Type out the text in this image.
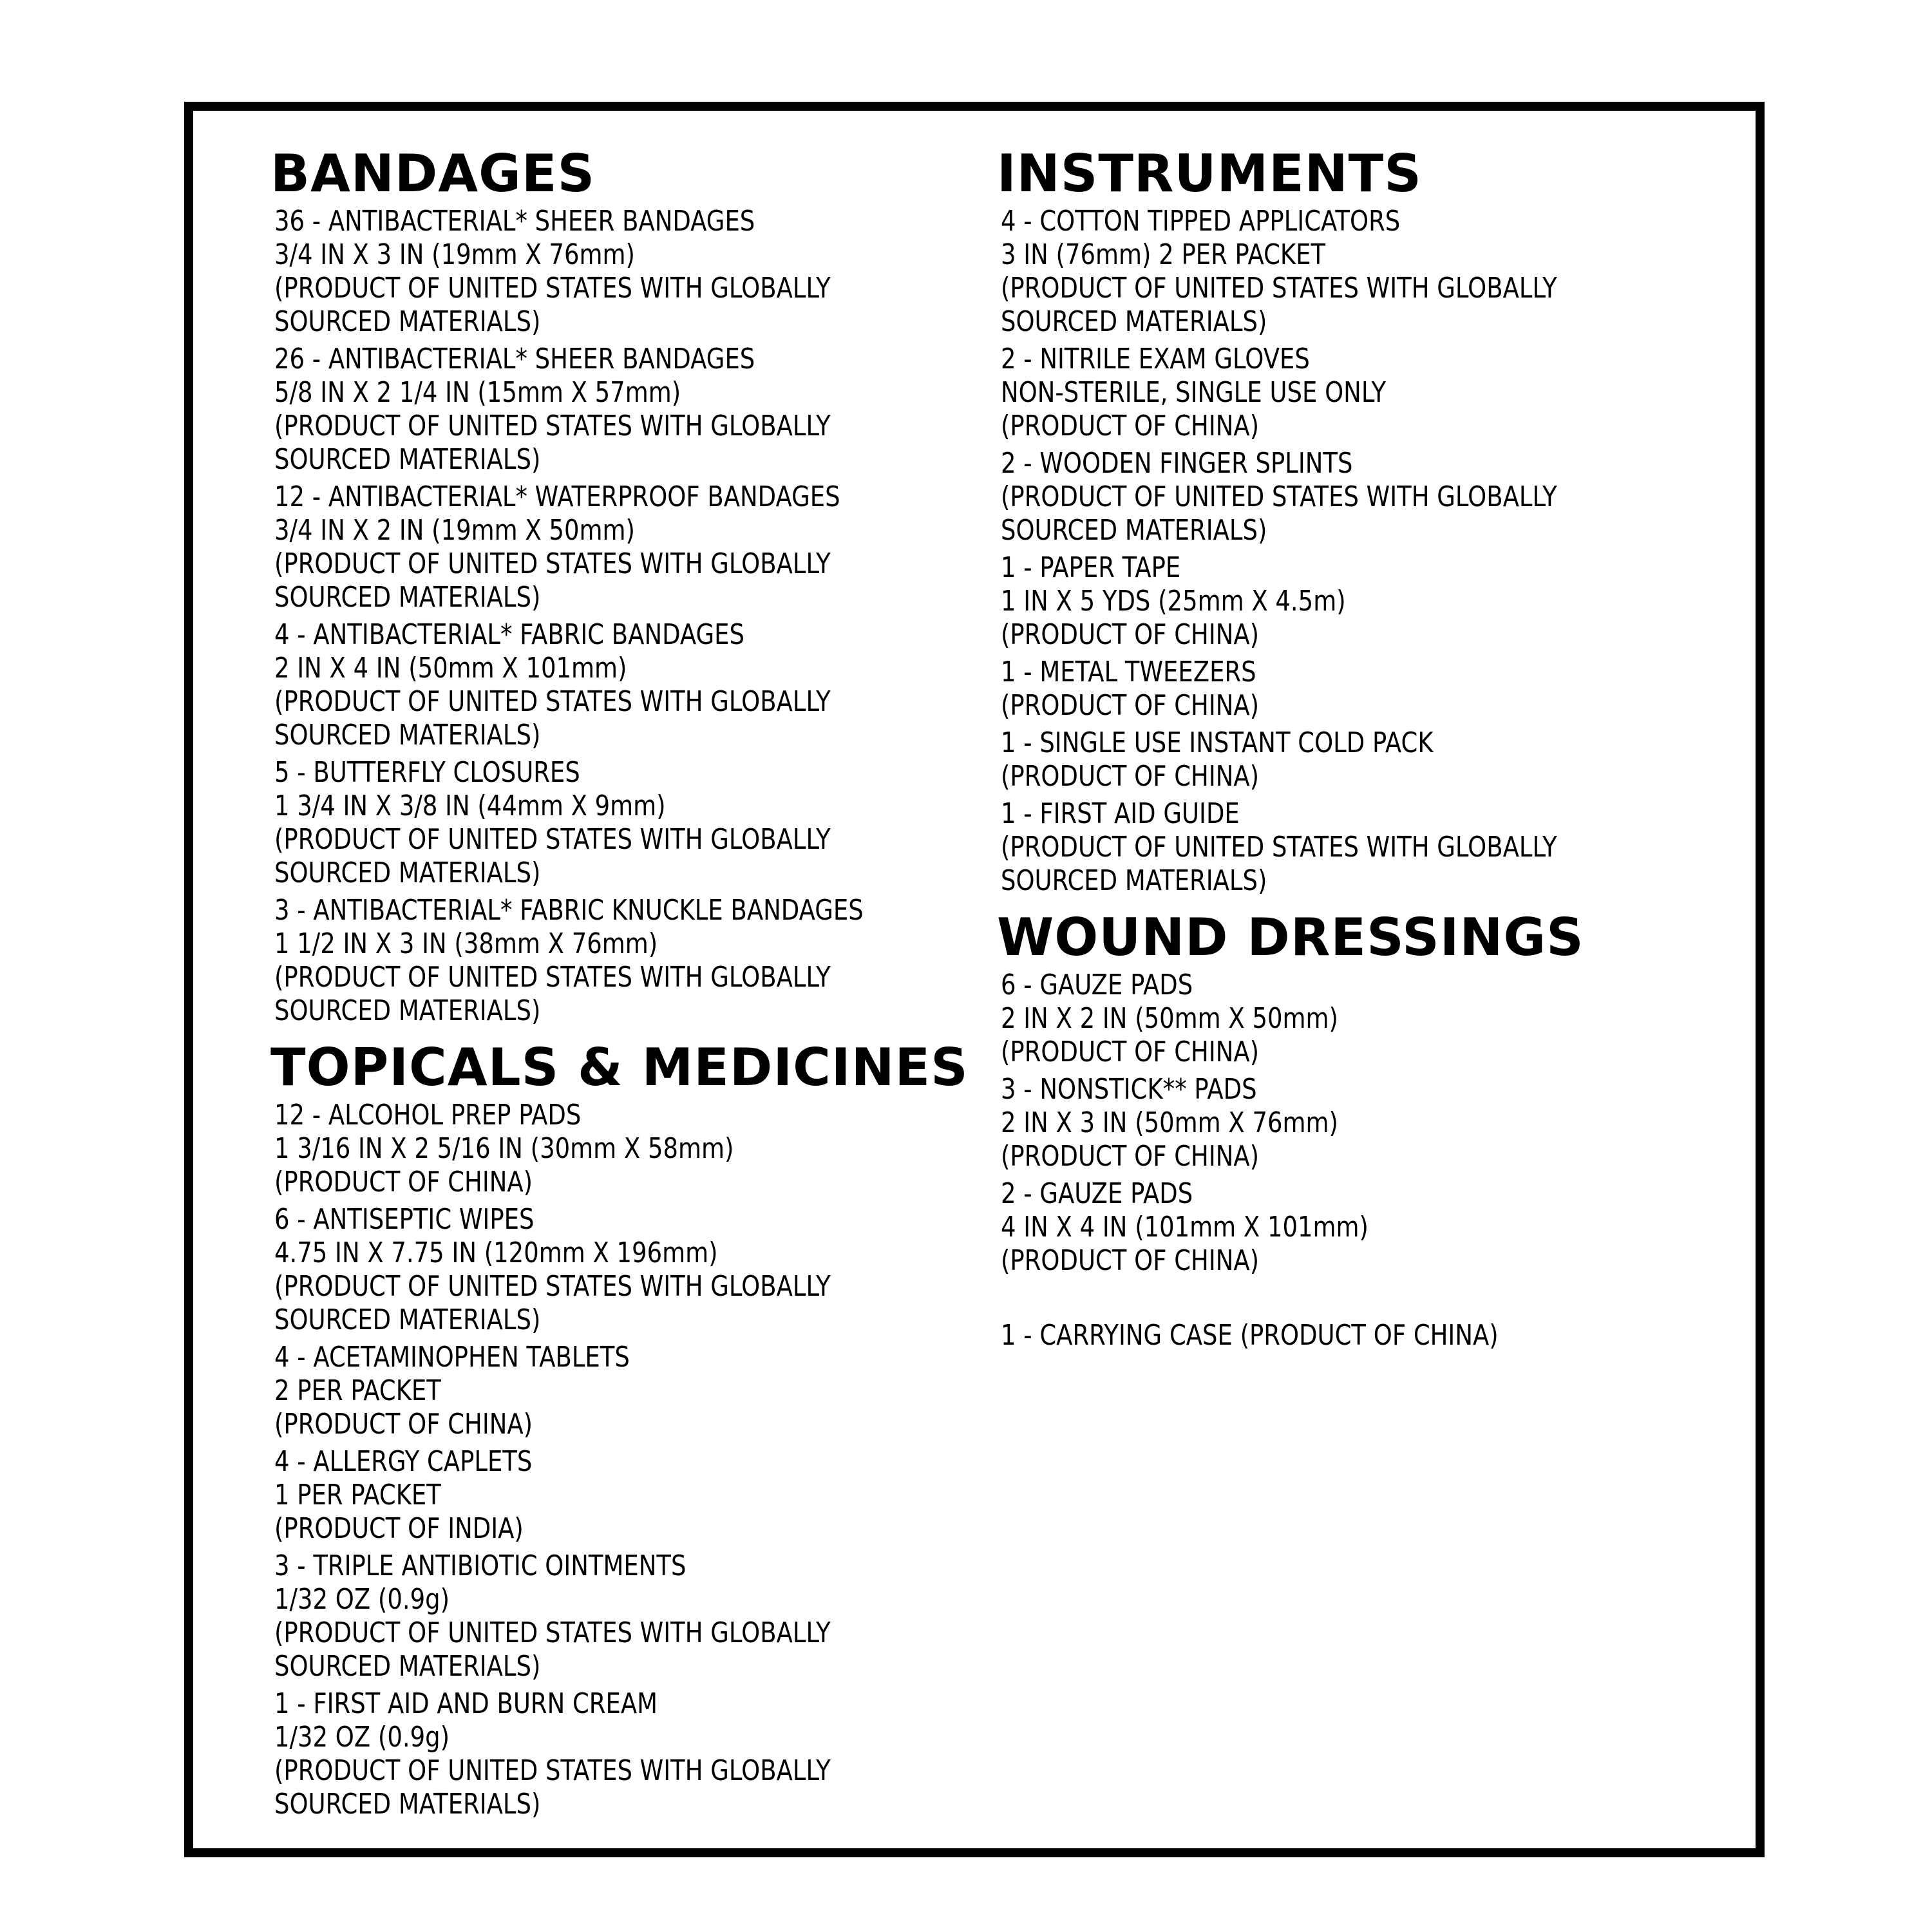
BANDAGES
36 - ANTIBACTERIAL* SHEER BANDAGES
3/4 IN X 3 IN (19mm X 76mm)
(PRODUCT OF UNITED STATES WITH GLOBALLY
SOURCED MATERIALS)
26 - ANTIBACTERIAL* SHEER BANDAGES
5/8 IN X 2 1/4 IN (15mm X 57mm)
(PRODUCT OF UNITED STATES WITH GLOBALLY
SOURCED MATERIALS)
12 - ANTIBACTERIAL* WATERPROOF BANDAGES
3/4 IN X 2 IN (19mm X 50mm)
(PRODUCT OF UNITED STATES WITH GLOBALLY
SOURCED MATERIALS)
4 - ANTIBACTERIAL* FABRIC BANDAGES
2 IN X 4 IN (50mm X 101mm)
(PRODUCT OF UNITED STATES WITH GLOBALLY
SOURCED MATERIALS)
5 - BUTTERFLY CLOSURES
1 3/4 IN X 3/8 IN (44mm X 9mm)
(PRODUCT OF UNITED STATES WITH GLOBALLY
SOURCED MATERIALS)
3 - ANTIBACTERIAL* FABRIC KNUCKLE BANDAGES
1 1/2 IN X 3 IN (38mm X 76mm)
(PRODUCT OF UNITED STATES WITH GLOBALLY
SOURCED MATERIALS)
TOPICALS & MEDICINES
12 - ALCOHOL PREP PADS
1 3/16 IN X 2 5/16 IN (30mm X 58mm)
(PRODUCT OF CHINA)
6 - ANTISEPTIC WIPES
4.75 IN X 7.75 IN (120mm X 196mm)
(PRODUCT OF UNITED STATES WITH GLOBALLY
SOURCED MATERIALS)
4 - ACETAMINOPHEN TABLETS
2 PER PACKET
(PRODUCT OF CHINA)
4 - ALLERGY CAPLETS
1 PER PACKET
(PRODUCT OF INDIA)
3 - TRIPLE ANTIBIOTIC OINTMENTS
1/32 OZ (0.9g)
(PRODUCT OF UNITED STATES WITH GLOBALLY
SOURCED MATERIALS)
1 - FIRST AID AND BURN CREAM
1/32 OZ (0.9g)
(PRODUCT OF UNITED STATES WITH GLOBALLY
SOURCED MATERIALS)
INSTRUMENTS
4 - COTTON TIPPED APPLICATORS
3 IN (76mm) 2 PER PACKET
(PRODUCT OF UNITED STATES WITH GLOBALLY
SOURCED MATERIALS)
2 - NITRILE EXAM GLOVES
NON-STERILE, SINGLE USE ONLY
(PRODUCT OF CHINA)
2 - WOODEN FINGER SPLINTS
(PRODUCT OF UNITED STATES WITH GLOBALLY
SOURCED MATERIALS)
1 - PAPER TAPE
1 IN X 5 YDS (25mm X 4.5m)
(PRODUCT OF CHINA)
1 - METAL TWEEZERS
(PRODUCT OF CHINA)
1 - SINGLE USE INSTANT COLD PACK
(PRODUCT OF CHINA)
1 - FIRST AID GUIDE
(PRODUCT OF UNITED STATES WITH GLOBALLY
SOURCED MATERIALS)
WOUND DRESSINGS
6 - GAUZE PADS
2 IN X 2 IN (50mm X 50mm)
(PRODUCT OF CHINA)
3 - NONSTICK** PADS
2 IN X 3 IN (50mm X 76mm)
(PRODUCT OF CHINA)
2 - GAUZE PADS
4 IN X 4 IN (101mm X 101mm)
(PRODUCT OF CHINA)
1 - CARRYING CASE (PRODUCT OF CHINA)
